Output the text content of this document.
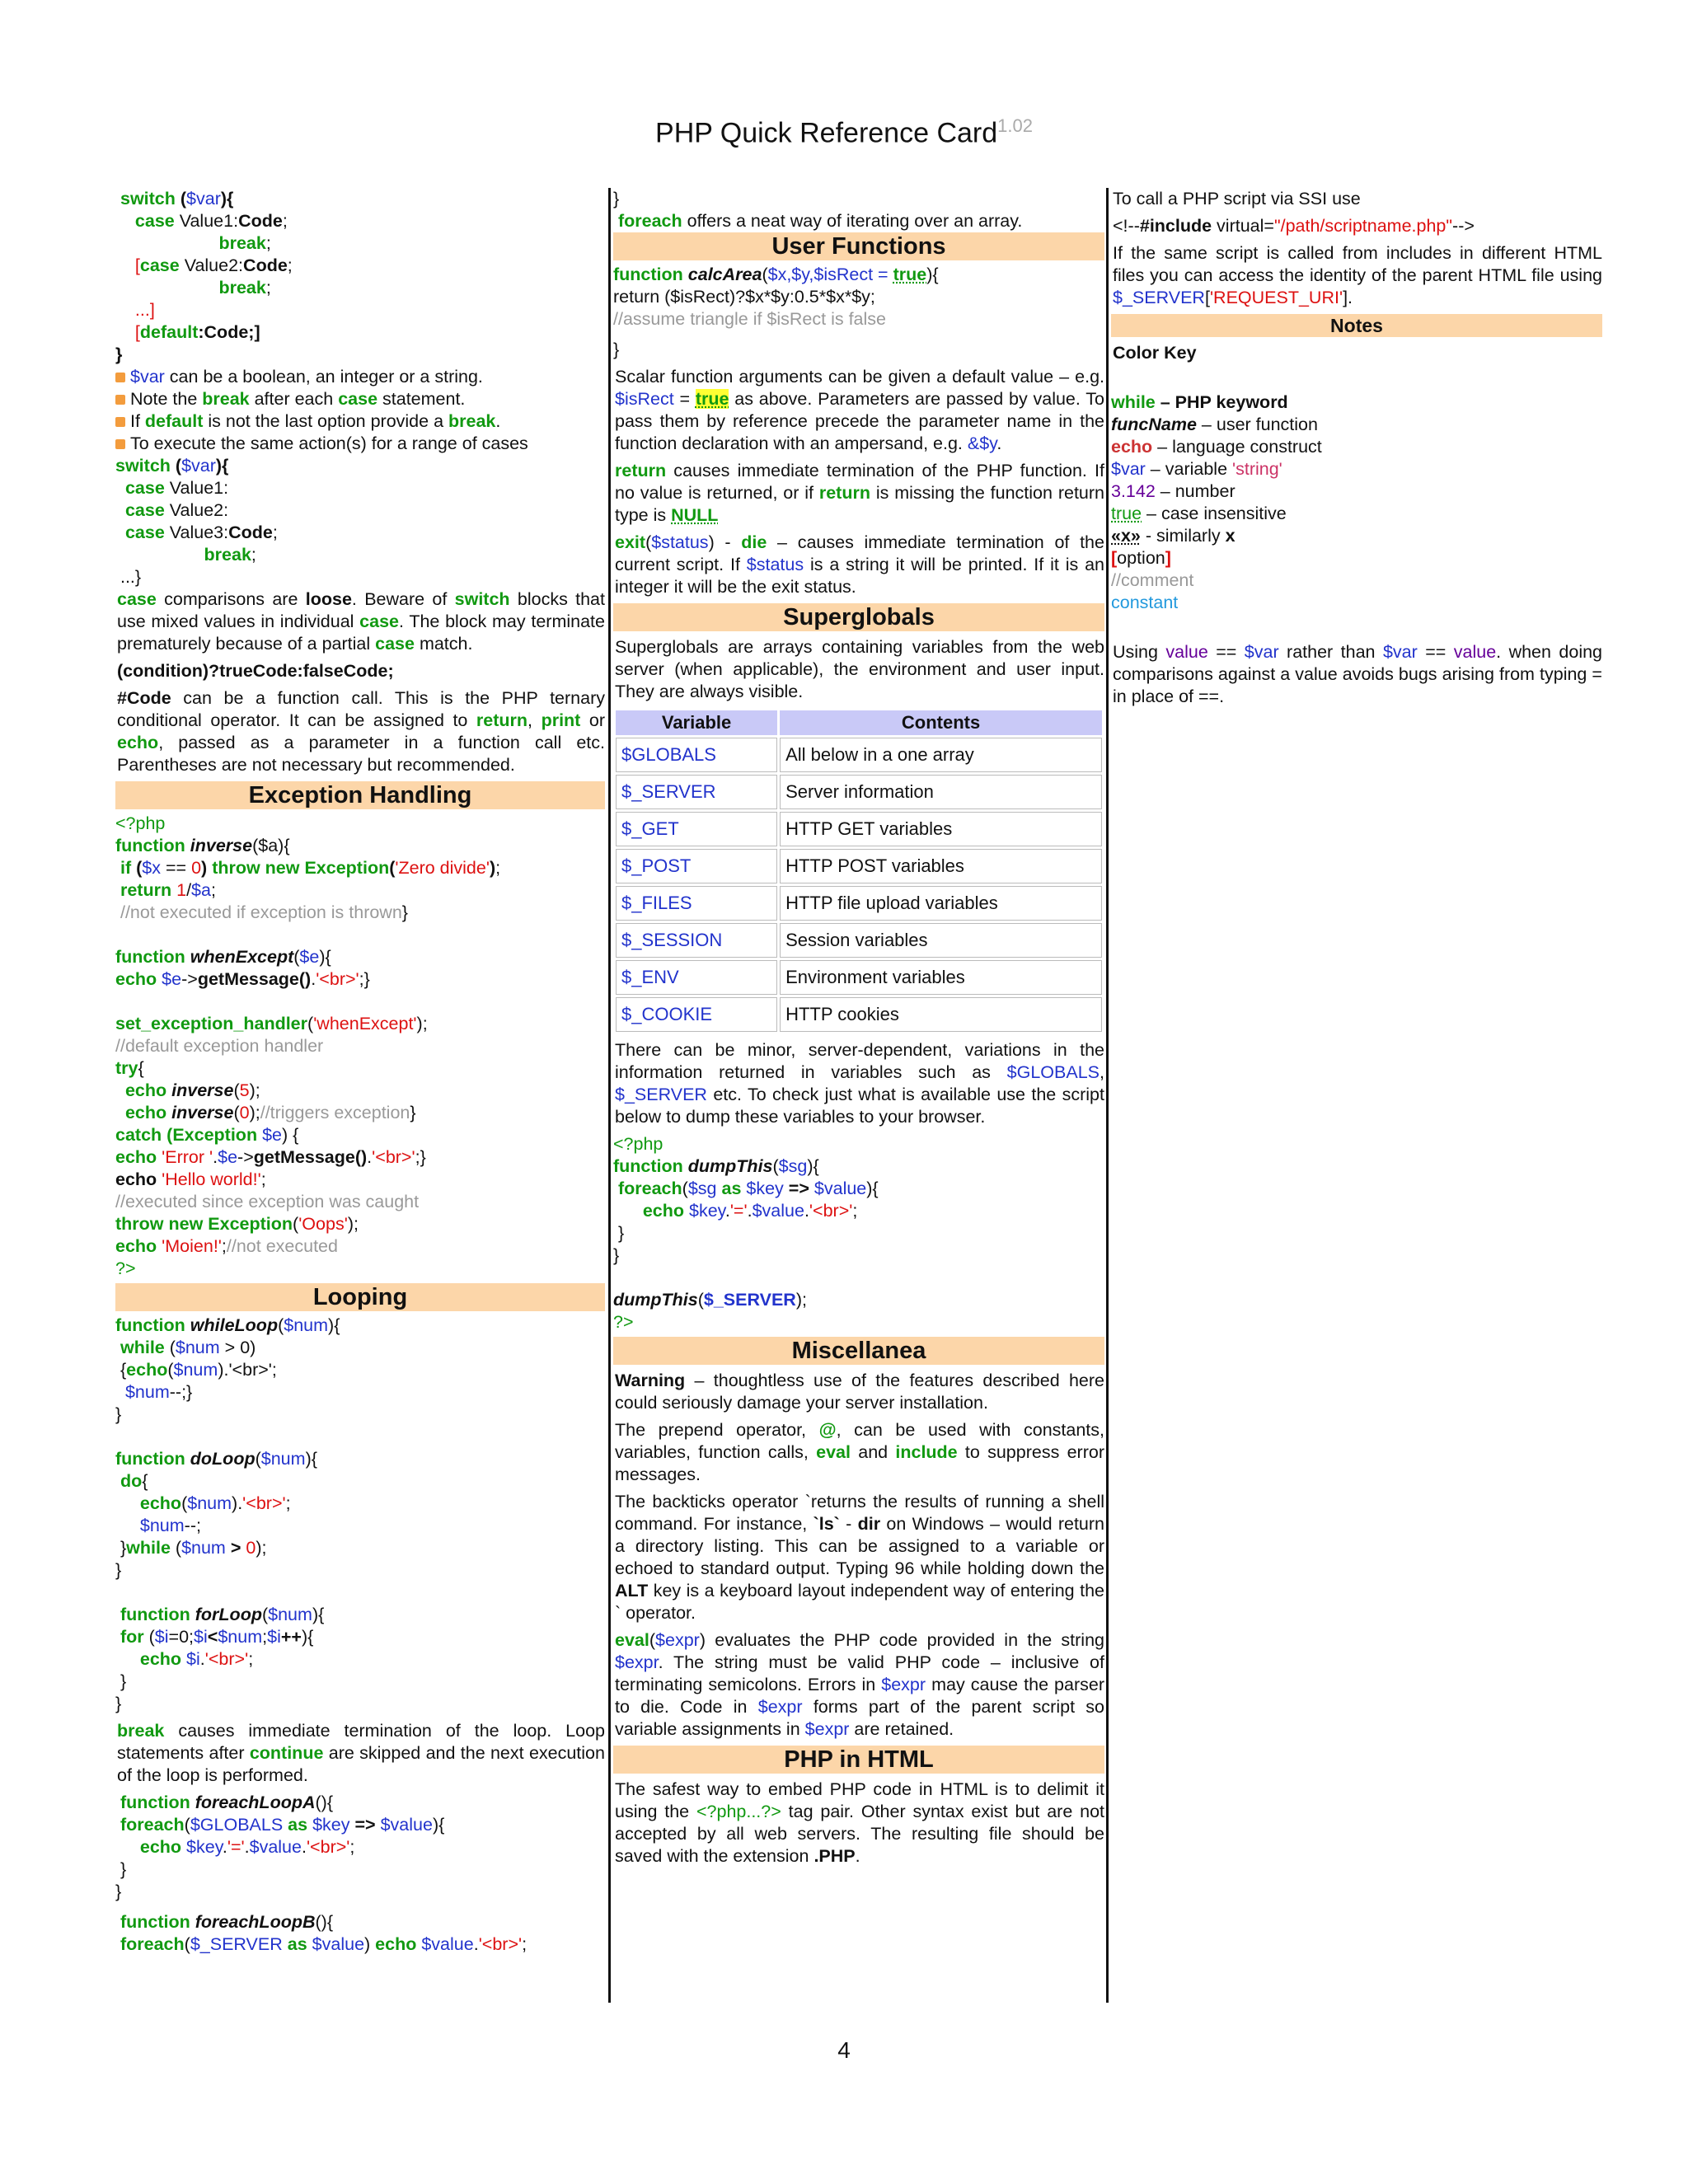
PHP Quick Reference Card$^{1.02}$
switch ($var){
case Value1:Code;
break;
[case Value2:Code;
break;
...]
[default:Code;]
}
$var can be a boolean, an integer or a string.
Note the break after each case statement.
If default is not the last option provide a break.
To execute the same action(s) for a range of cases
switch ($var){
case Value1:
case Value2:
case Value3:Code;
break;
...}
case comparisons are loose. Beware of switch blocks that use mixed values in individual case. The block may terminate prematurely because of a partial case match.
(condition)?trueCode:falseCode;
#Code can be a function call. This is the PHP ternary conditional operator. It can be assigned to return, print or echo, passed as a parameter in a function call etc. Parentheses are not necessary but recommended.
Exception Handling
<?php
function inverse($a){
if ($x == 0) throw new Exception('Zero divide');
return 1/$a;
//not executed if exception is thrown}
function whenExcept($e){
echo $e->getMessage().'<br>';}
set_exception_handler('whenExcept');
//default exception handler
try{
echo inverse(5);
echo inverse(0);//triggers exception}
catch (Exception $e) {
echo 'Error '.$e->getMessage().'<br>';}
echo 'Hello world!';
//executed since exception was caught
throw new Exception('Oops');
echo 'Moien!';//not executed
?>
Looping
function whileLoop($num){
while ($num > 0)
{echo($num).'<br>';
$num--;}
}
function doLoop($num){
do{
echo($num).'<br>';
$num--;
}while ($num > 0);
}
function forLoop($num){
for ($i=0;$i<$num;$i++){
echo $i.'<br>';
}
}
break causes immediate termination of the loop. Loop statements after continue are skipped and the next execution of the loop is performed.
function foreachLoopA(){
foreach($GLOBALS as $key => $value){
echo $key.'='.$value.'<br>';
}
}
function foreachLoopB(){
foreach($_SERVER as $value) echo $value.'<br>';
}
foreach offers a neat way of iterating over an array.
User Functions
function calcArea($x,$y,$isRect = true){
return ($isRect)?$x*$y:0.5*$x*$y;
//assume triangle if $isRect is false
}
Scalar function arguments can be given a default value – e.g. $isRect = true as above. Parameters are passed by value. To pass them by reference precede the parameter name in the function declaration with an ampersand, e.g. &$y.
return causes immediate termination of the PHP function. If no value is returned, or if return is missing the function return type is NULL
exit($status) - die – causes immediate termination of the current script. If $status is a string it will be printed. If it is an integer it will be the exit status.
Superglobals
Superglobals are arrays containing variables from the web server (when applicable), the environment and user input. They are always visible.
Variable	Contents
$GLOBALS	All below in a one array
$_SERVER	Server information
$_GET	HTTP GET variables
$_POST	HTTP POST variables
$_FILES	HTTP file upload variables
$_SESSION	Session variables
$_ENV	Environment variables
$_COOKIE	HTTP cookies
There can be minor, server-dependent, variations in the information returned in variables such as $GLOBALS, $_SERVER etc. To check just what is available use the script below to dump these variables to your browser.
<?php
function dumpThis($sg){
foreach($sg as $key => $value){
echo $key.'='.$value.'<br>';
}
}
dumpThis($_SERVER);
?>
Miscellanea
Warning – thoughtless use of the features described here could seriously damage your server installation.
The prepend operator, @, can be used with constants, variables, function calls, eval and include to suppress error messages.
The backticks operator `returns the results of running a shell command. For instance, `ls` - dir on Windows – would return a directory listing. This can be assigned to a variable or echoed to standard output. Typing 96 while holding down the ALT key is a keyboard layout independent way of entering the ` operator.
eval($expr) evaluates the PHP code provided in the string $expr. The string must be valid PHP code – inclusive of terminating semicolons. Errors in $expr may cause the parser to die. Code in $expr forms part of the parent script so variable assignments in $expr are retained.
PHP in HTML
The safest way to embed PHP code in HTML is to delimit it using the <?php...?> tag pair. Other syntax exist but are not accepted by all web servers. The resulting file should be saved with the extension .PHP.
To call a PHP script via SSI use
<!--#include virtual="/path/scriptname.php"-->
If the same script is called from includes in different HTML files you can access the identity of the parent HTML file using $_SERVER['REQUEST_URI'].
Notes
Color Key
while – PHP keyword
funcName – user function
echo – language construct
$var – variable 'string'
3.142 – number
true – case insensitive
«x» - similarly x
[option]
//comment
constant
Using value == $var rather than $var == value. when doing comparisons against a value avoids bugs arising from typing = in place of ==.
4
